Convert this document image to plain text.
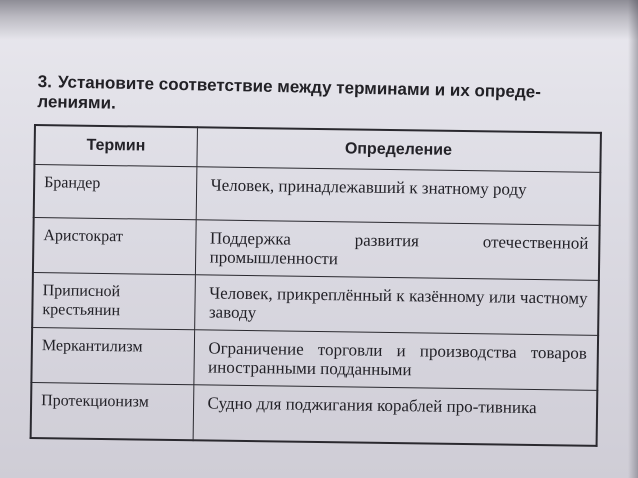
3. Установите соответствие между терминами и их опреде-лениями.
Термин	Определение
Брандер	Человек, принадлежавший к знатному роду
Аристократ	Поддержка развития отечественной промышленности
Приписной крестьянин	Человек, прикреплённый к казённому или частному заводу
Меркантилизм	Ограничение торговли и производства товаров иностранными подданными
Протекционизм	Судно для поджигания кораблей про-тивника
